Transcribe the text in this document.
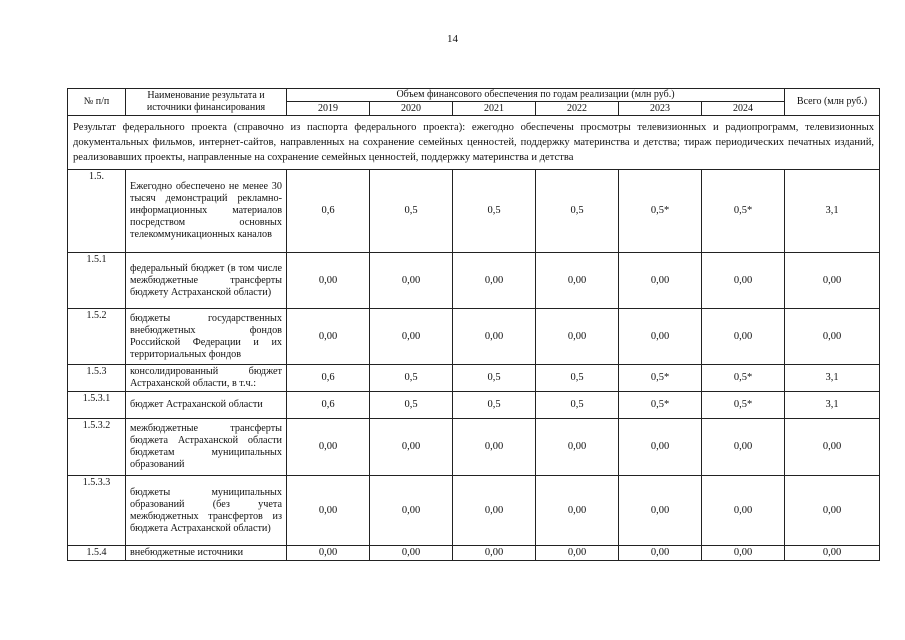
14
№ п/п	Наименование результата и источники финансирования	Объем финансового обеспечения по годам реализации (млн руб.)						Всего (млн руб.)
		2019	2020	2021	2022	2023	2024	
Результат федерального проекта (справочно из паспорта федерального проекта): ежегодно обеспечены просмотры телевизионных и радиопрограмм, телевизионных документальных фильмов, интернет-сайтов, направленных на сохранение семейных ценностей, поддержку материнства и детства; тираж периодических печатных изданий, реализовавших проекты, направленные на сохранение семейных ценностей, поддержку материнства и детства								
1.5.	Ежегодно обеспечено не менее 30 тысяч демонстраций рекламно-информационных материалов посредством основных телекоммуникационных каналов	0,6	0,5	0,5	0,5	0,5*	0,5*	3,1
1.5.1	федеральный бюджет (в том числе межбюджетные трансферты бюджету Астраханской области)	0,00	0,00	0,00	0,00	0,00	0,00	0,00
1.5.2	бюджеты государственных внебюджетных фондов Российской Федерации и их территориальных фондов	0,00	0,00	0,00	0,00	0,00	0,00	0,00
1.5.3	консолидированный бюджет Астраханской области, в т.ч.:	0,6	0,5	0,5	0,5	0,5*	0,5*	3,1
1.5.3.1	бюджет Астраханской области	0,6	0,5	0,5	0,5	0,5*	0,5*	3,1
1.5.3.2	межбюджетные трансферты бюджета Астраханской области бюджетам муниципальных образований	0,00	0,00	0,00	0,00	0,00	0,00	0,00
1.5.3.3	бюджеты муниципальных образований (без учета межбюджетных трансфертов из бюджета Астраханской области)	0,00	0,00	0,00	0,00	0,00	0,00	0,00
1.5.4	внебюджетные источники	0,00	0,00	0,00	0,00	0,00	0,00	0,00
